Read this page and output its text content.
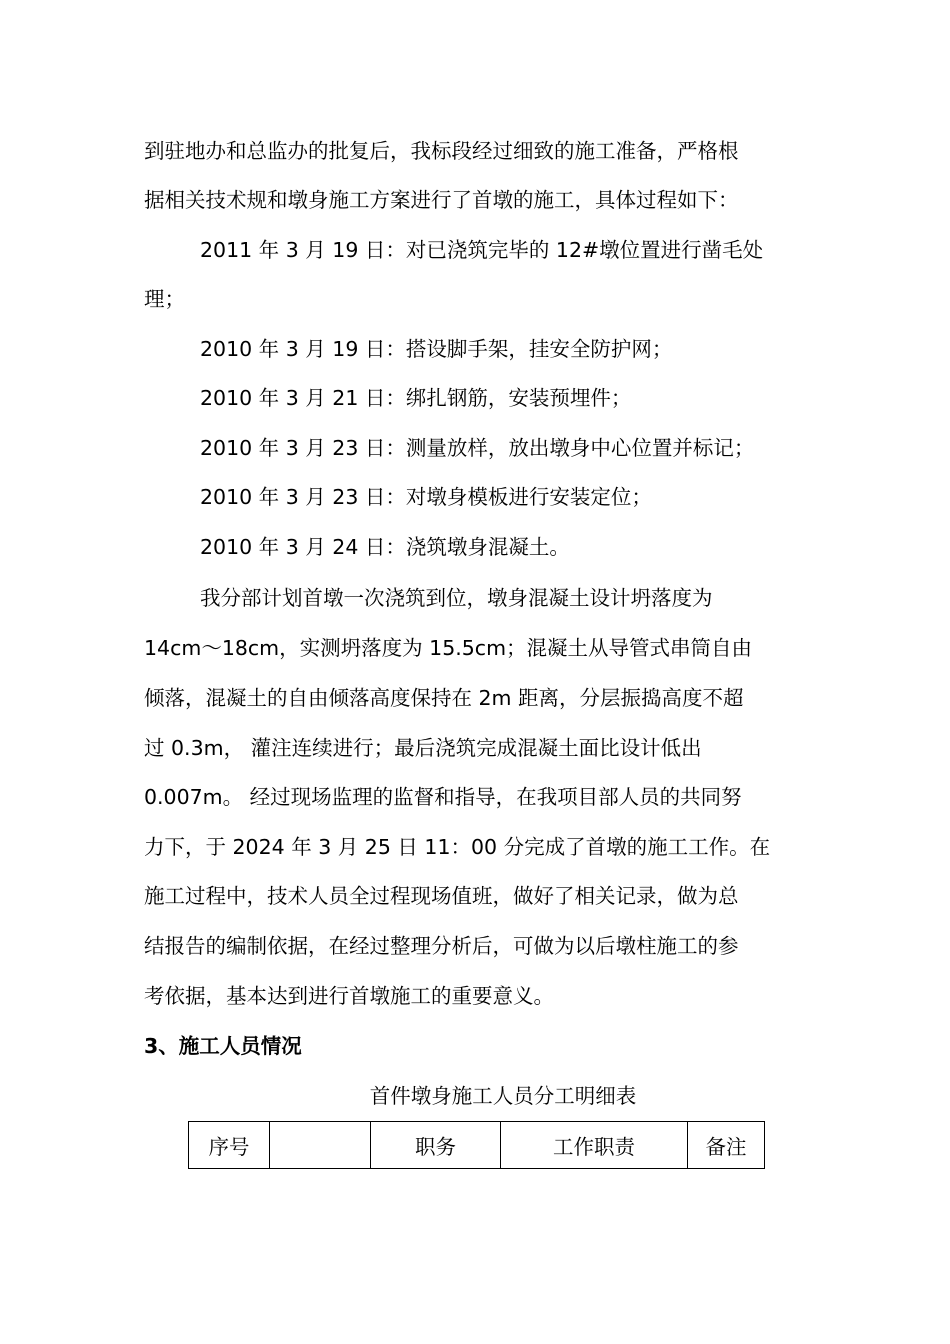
到驻地办和总监办的批复后，我标段经过细致的施工准备，严格根
据相关技术规和墩身施工方案进行了首墩的施工，具体过程如下：
2011 年 3 月 19 日：对已浇筑完毕的 12#墩位置进行凿毛处
理；
2010 年 3 月 19 日：搭设脚手架，挂安全防护网；
2010 年 3 月 21 日：绑扎钢筋，安装预埋件；
2010 年 3 月 23 日：测量放样，放出墩身中心位置并标记；
2010 年 3 月 23 日：对墩身模板进行安装定位；
2010 年 3 月 24 日：浇筑墩身混凝土。
我分部计划首墩一次浇筑到位，墩身混凝土设计坍落度为
14cm～18cm，实测坍落度为 15.5cm；混凝土从导管式串筒自由
倾落，混凝土的自由倾落高度保持在 2m 距离，分层振捣高度不超
过 0.3m， 灌注连续进行；最后浇筑完成混凝土面比设计低出
0.007m。 经过现场监理的监督和指导，在我项目部人员的共同努
力下，于 2024 年 3 月 25 日 11：00 分完成了首墩的施工工作。在
施工过程中，技术人员全过程现场值班，做好了相关记录，做为总
结报告的编制依据，在经过整理分析后，可做为以后墩柱施工的参
考依据，基本达到进行首墩施工的重要意义。
3、施工人员情况
首件墩身施工人员分工明细表
序号		职务	工作职责	备注
